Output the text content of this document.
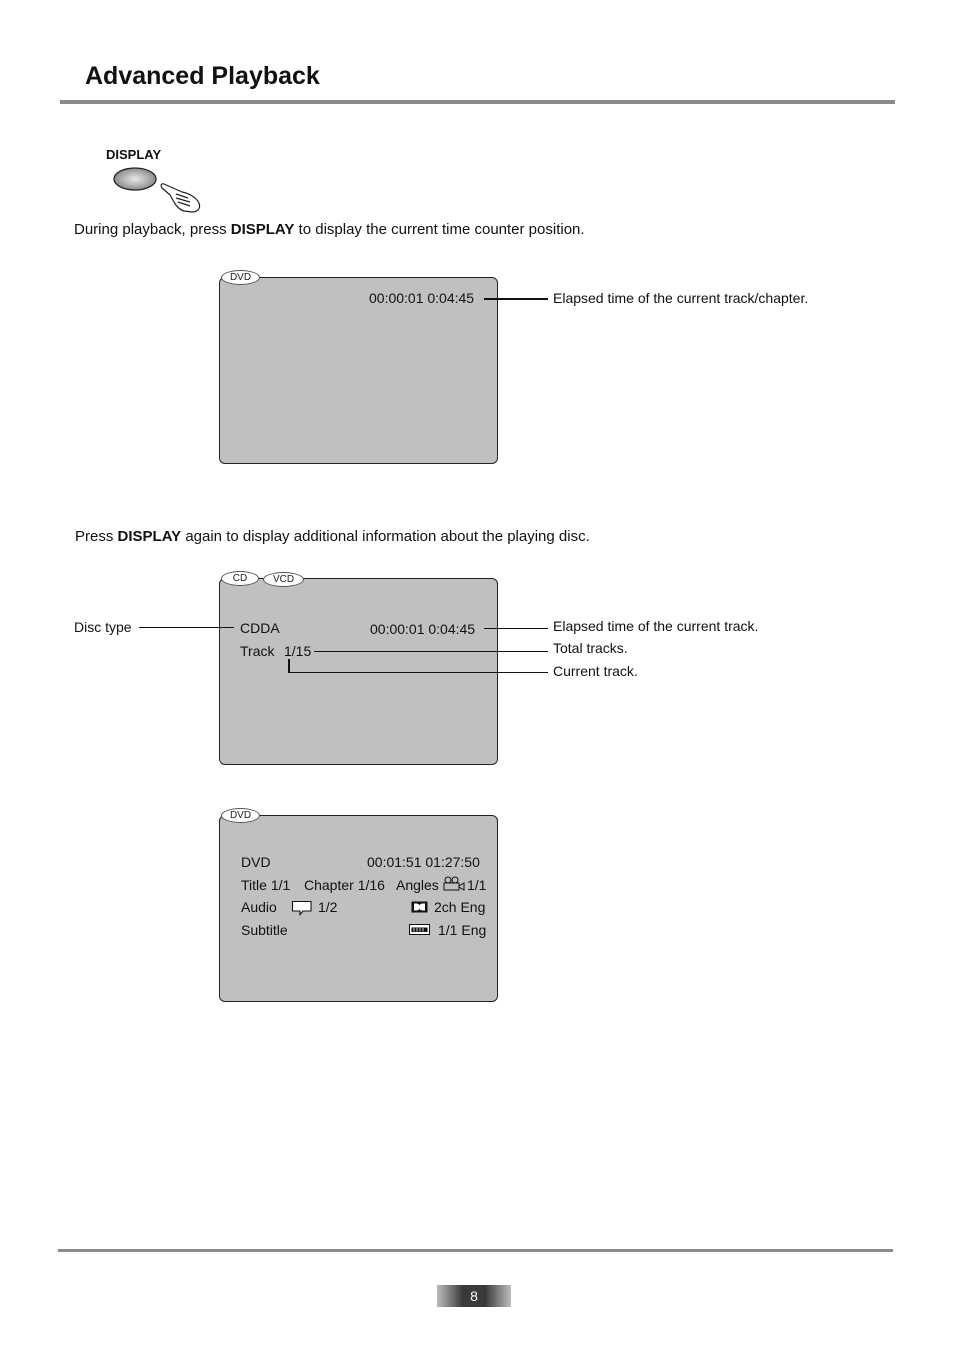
Advanced Playback
DISPLAY
During playback, press DISPLAY to display the current time counter position.
DVD
00:00:01 0:04:45	Elapsed time of the current track/chapter.
Press DISPLAY again to display additional information about the playing disc.
CD	VCD
CDDA	00:00:01 0:04:45
Track 1/15
Disc type	Elapsed time of the current track.
Total tracks.
Current track.
DVD
DVD	00:01:51 01:27:50
Title 1/1 Chapter 1/16 Angles 1/1
Audio	1/2	2ch Eng
Subtitle	1/1 Eng
8
